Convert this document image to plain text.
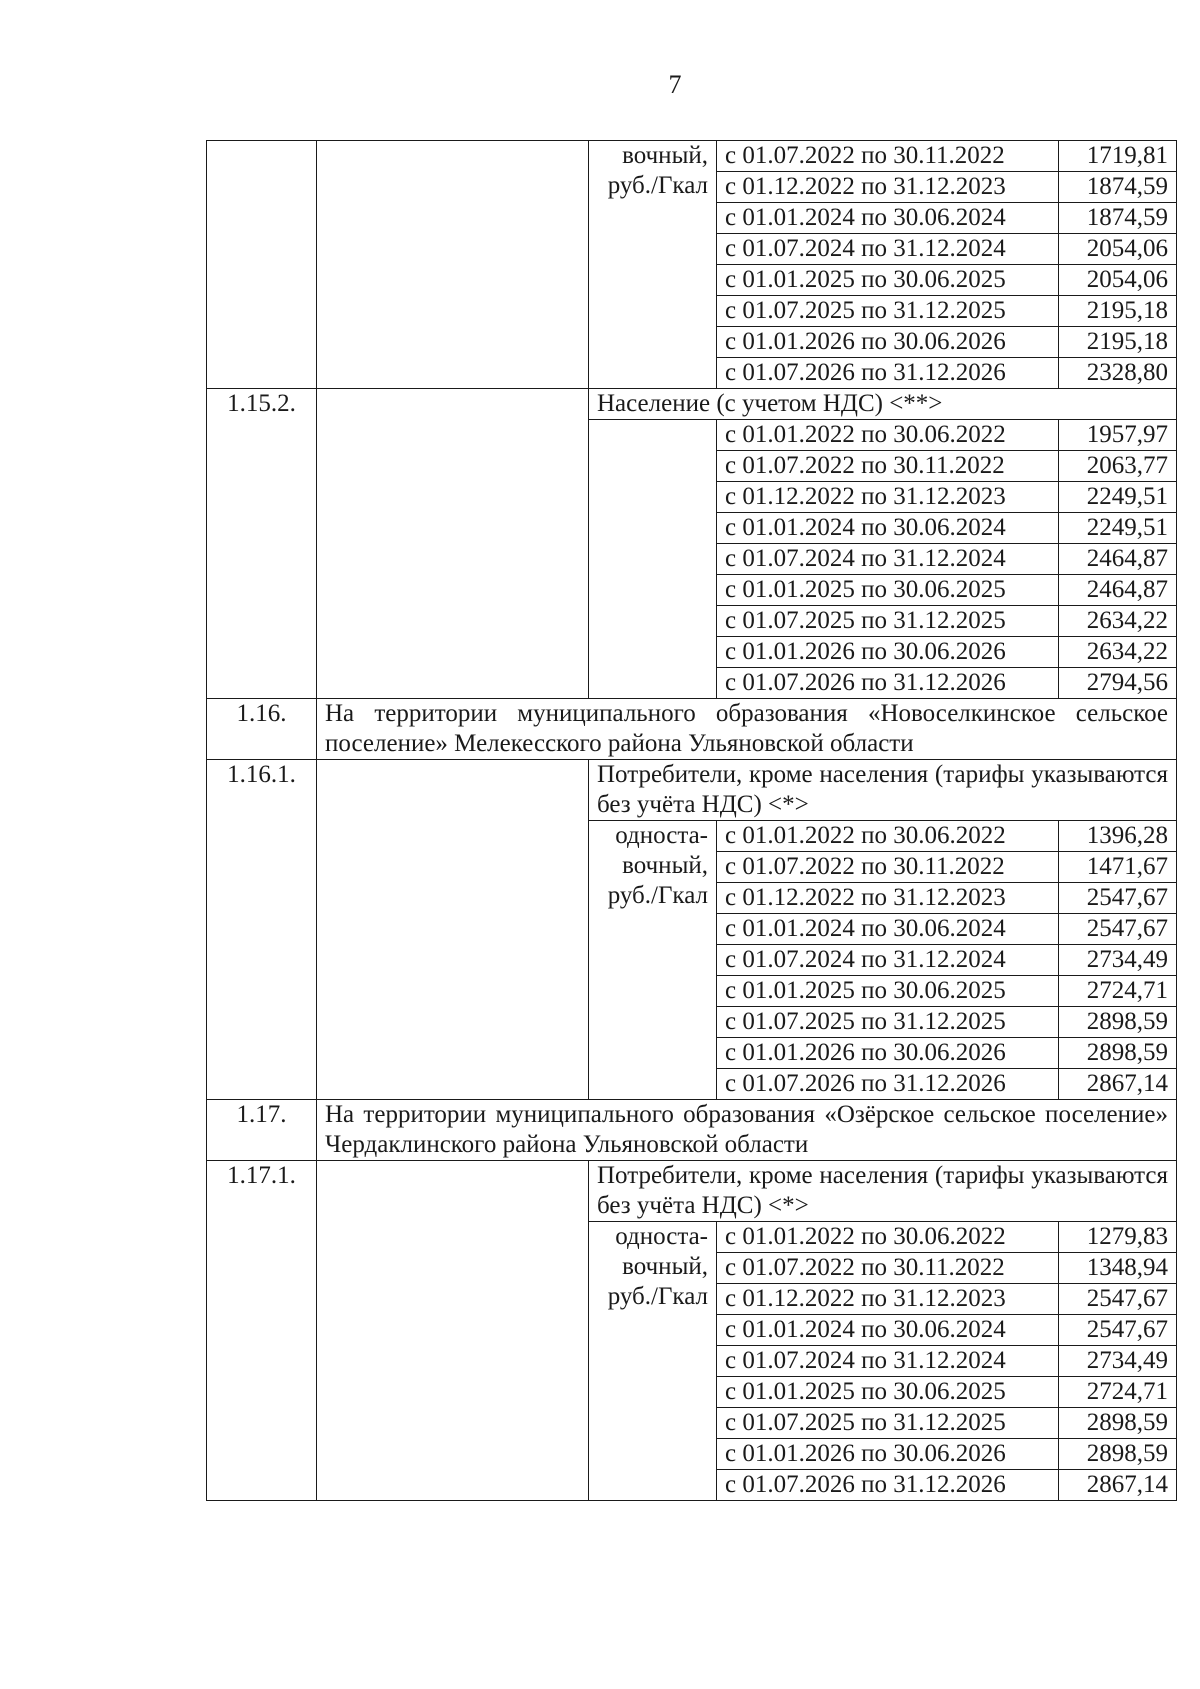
7
		вочный, руб./Гкал	с 01.07.2022 по 30.11.2022	1719,81
			с 01.12.2022 по 31.12.2023	1874,59
			с 01.01.2024 по 30.06.2024	1874,59
			с 01.07.2024 по 31.12.2024	2054,06
			с 01.01.2025 по 30.06.2025	2054,06
			с 01.07.2025 по 31.12.2025	2195,18
			с 01.01.2026 по 30.06.2026	2195,18
			с 01.07.2026 по 31.12.2026	2328,80
1.15.2.		Население (с учетом НДС) <**>		
			с 01.01.2022 по 30.06.2022	1957,97
			с 01.07.2022 по 30.11.2022	2063,77
			с 01.12.2022 по 31.12.2023	2249,51
			с 01.01.2024 по 30.06.2024	2249,51
			с 01.07.2024 по 31.12.2024	2464,87
			с 01.01.2025 по 30.06.2025	2464,87
			с 01.07.2025 по 31.12.2025	2634,22
			с 01.01.2026 по 30.06.2026	2634,22
			с 01.07.2026 по 31.12.2026	2794,56
1.16.	На территории муниципального образования «Новоселкинское сельское поселение» Мелекесского района Ульяновской области			
1.16.1.		Потребители, кроме населения (тарифы указываются без учёта НДС) <*>		
		односта- вочный, руб./Гкал	с 01.01.2022 по 30.06.2022	1396,28
			с 01.07.2022 по 30.11.2022	1471,67
			с 01.12.2022 по 31.12.2023	2547,67
			с 01.01.2024 по 30.06.2024	2547,67
			с 01.07.2024 по 31.12.2024	2734,49
			с 01.01.2025 по 30.06.2025	2724,71
			с 01.07.2025 по 31.12.2025	2898,59
			с 01.01.2026 по 30.06.2026	2898,59
			с 01.07.2026 по 31.12.2026	2867,14
1.17.	На территории муниципального образования «Озёрское сельское поселение» Чердаклинского района Ульяновской области			
1.17.1.		Потребители, кроме населения (тарифы указываются без учёта НДС) <*>		
		односта- вочный, руб./Гкал	с 01.01.2022 по 30.06.2022	1279,83
			с 01.07.2022 по 30.11.2022	1348,94
			с 01.12.2022 по 31.12.2023	2547,67
			с 01.01.2024 по 30.06.2024	2547,67
			с 01.07.2024 по 31.12.2024	2734,49
			с 01.01.2025 по 30.06.2025	2724,71
			с 01.07.2025 по 31.12.2025	2898,59
			с 01.01.2026 по 30.06.2026	2898,59
			с 01.07.2026 по 31.12.2026	2867,14
